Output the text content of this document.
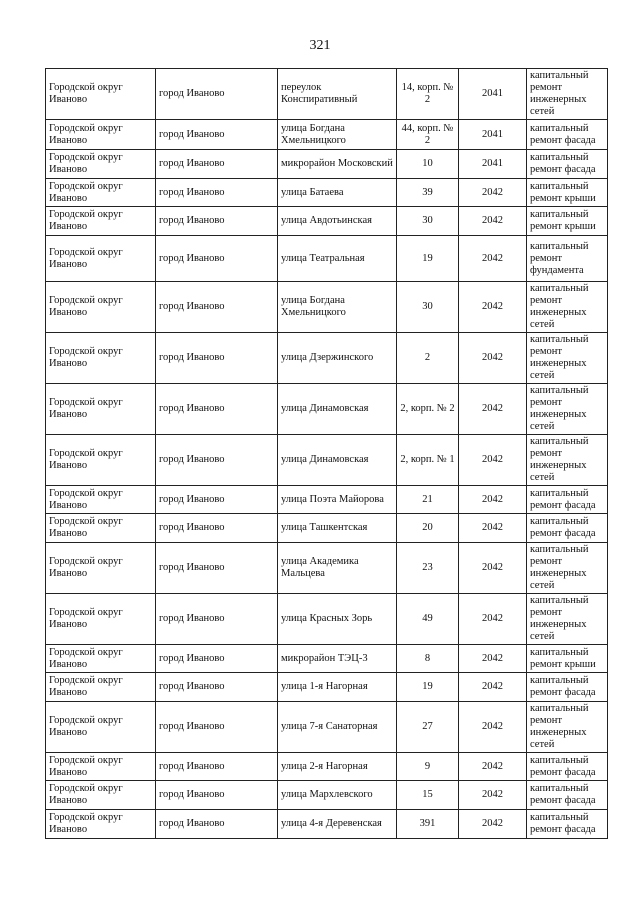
321
Городской округ Иваново	город Иваново	переулок Конспиративный	14, корп. № 2	2041	капитальный ремонт инженерных сетей
Городской округ Иваново	город Иваново	улица Богдана Хмельницкого	44, корп. № 2	2041	капитальный ремонт фасада
Городской округ Иваново	город Иваново	микрорайон Московский	10	2041	капитальный ремонт фасада
Городской округ Иваново	город Иваново	улица Батаева	39	2042	капитальный ремонт крыши
Городской округ Иваново	город Иваново	улица Авдотьинская	30	2042	капитальный ремонт крыши
Городской округ Иваново	город Иваново	улица Театральная	19	2042	капитальный ремонт фундамента
Городской округ Иваново	город Иваново	улица Богдана Хмельницкого	30	2042	капитальный ремонт инженерных сетей
Городской округ Иваново	город Иваново	улица Дзержинского	2	2042	капитальный ремонт инженерных сетей
Городской округ Иваново	город Иваново	улица Динамовская	2, корп. № 2	2042	капитальный ремонт инженерных сетей
Городской округ Иваново	город Иваново	улица Динамовская	2, корп. № 1	2042	капитальный ремонт инженерных сетей
Городской округ Иваново	город Иваново	улица Поэта Майорова	21	2042	капитальный ремонт фасада
Городской округ Иваново	город Иваново	улица Ташкентская	20	2042	капитальный ремонт фасада
Городской округ Иваново	город Иваново	улица Академика Мальцева	23	2042	капитальный ремонт инженерных сетей
Городской округ Иваново	город Иваново	улица Красных Зорь	49	2042	капитальный ремонт инженерных сетей
Городской округ Иваново	город Иваново	микрорайон ТЭЦ-3	8	2042	капитальный ремонт крыши
Городской округ Иваново	город Иваново	улица 1-я Нагорная	19	2042	капитальный ремонт фасада
Городской округ Иваново	город Иваново	улица 7-я Санаторная	27	2042	капитальный ремонт инженерных сетей
Городской округ Иваново	город Иваново	улица 2-я Нагорная	9	2042	капитальный ремонт фасада
Городской округ Иваново	город Иваново	улица Мархлевского	15	2042	капитальный ремонт фасада
Городской округ Иваново	город Иваново	улица 4-я Деревенская	391	2042	капитальный ремонт фасада
